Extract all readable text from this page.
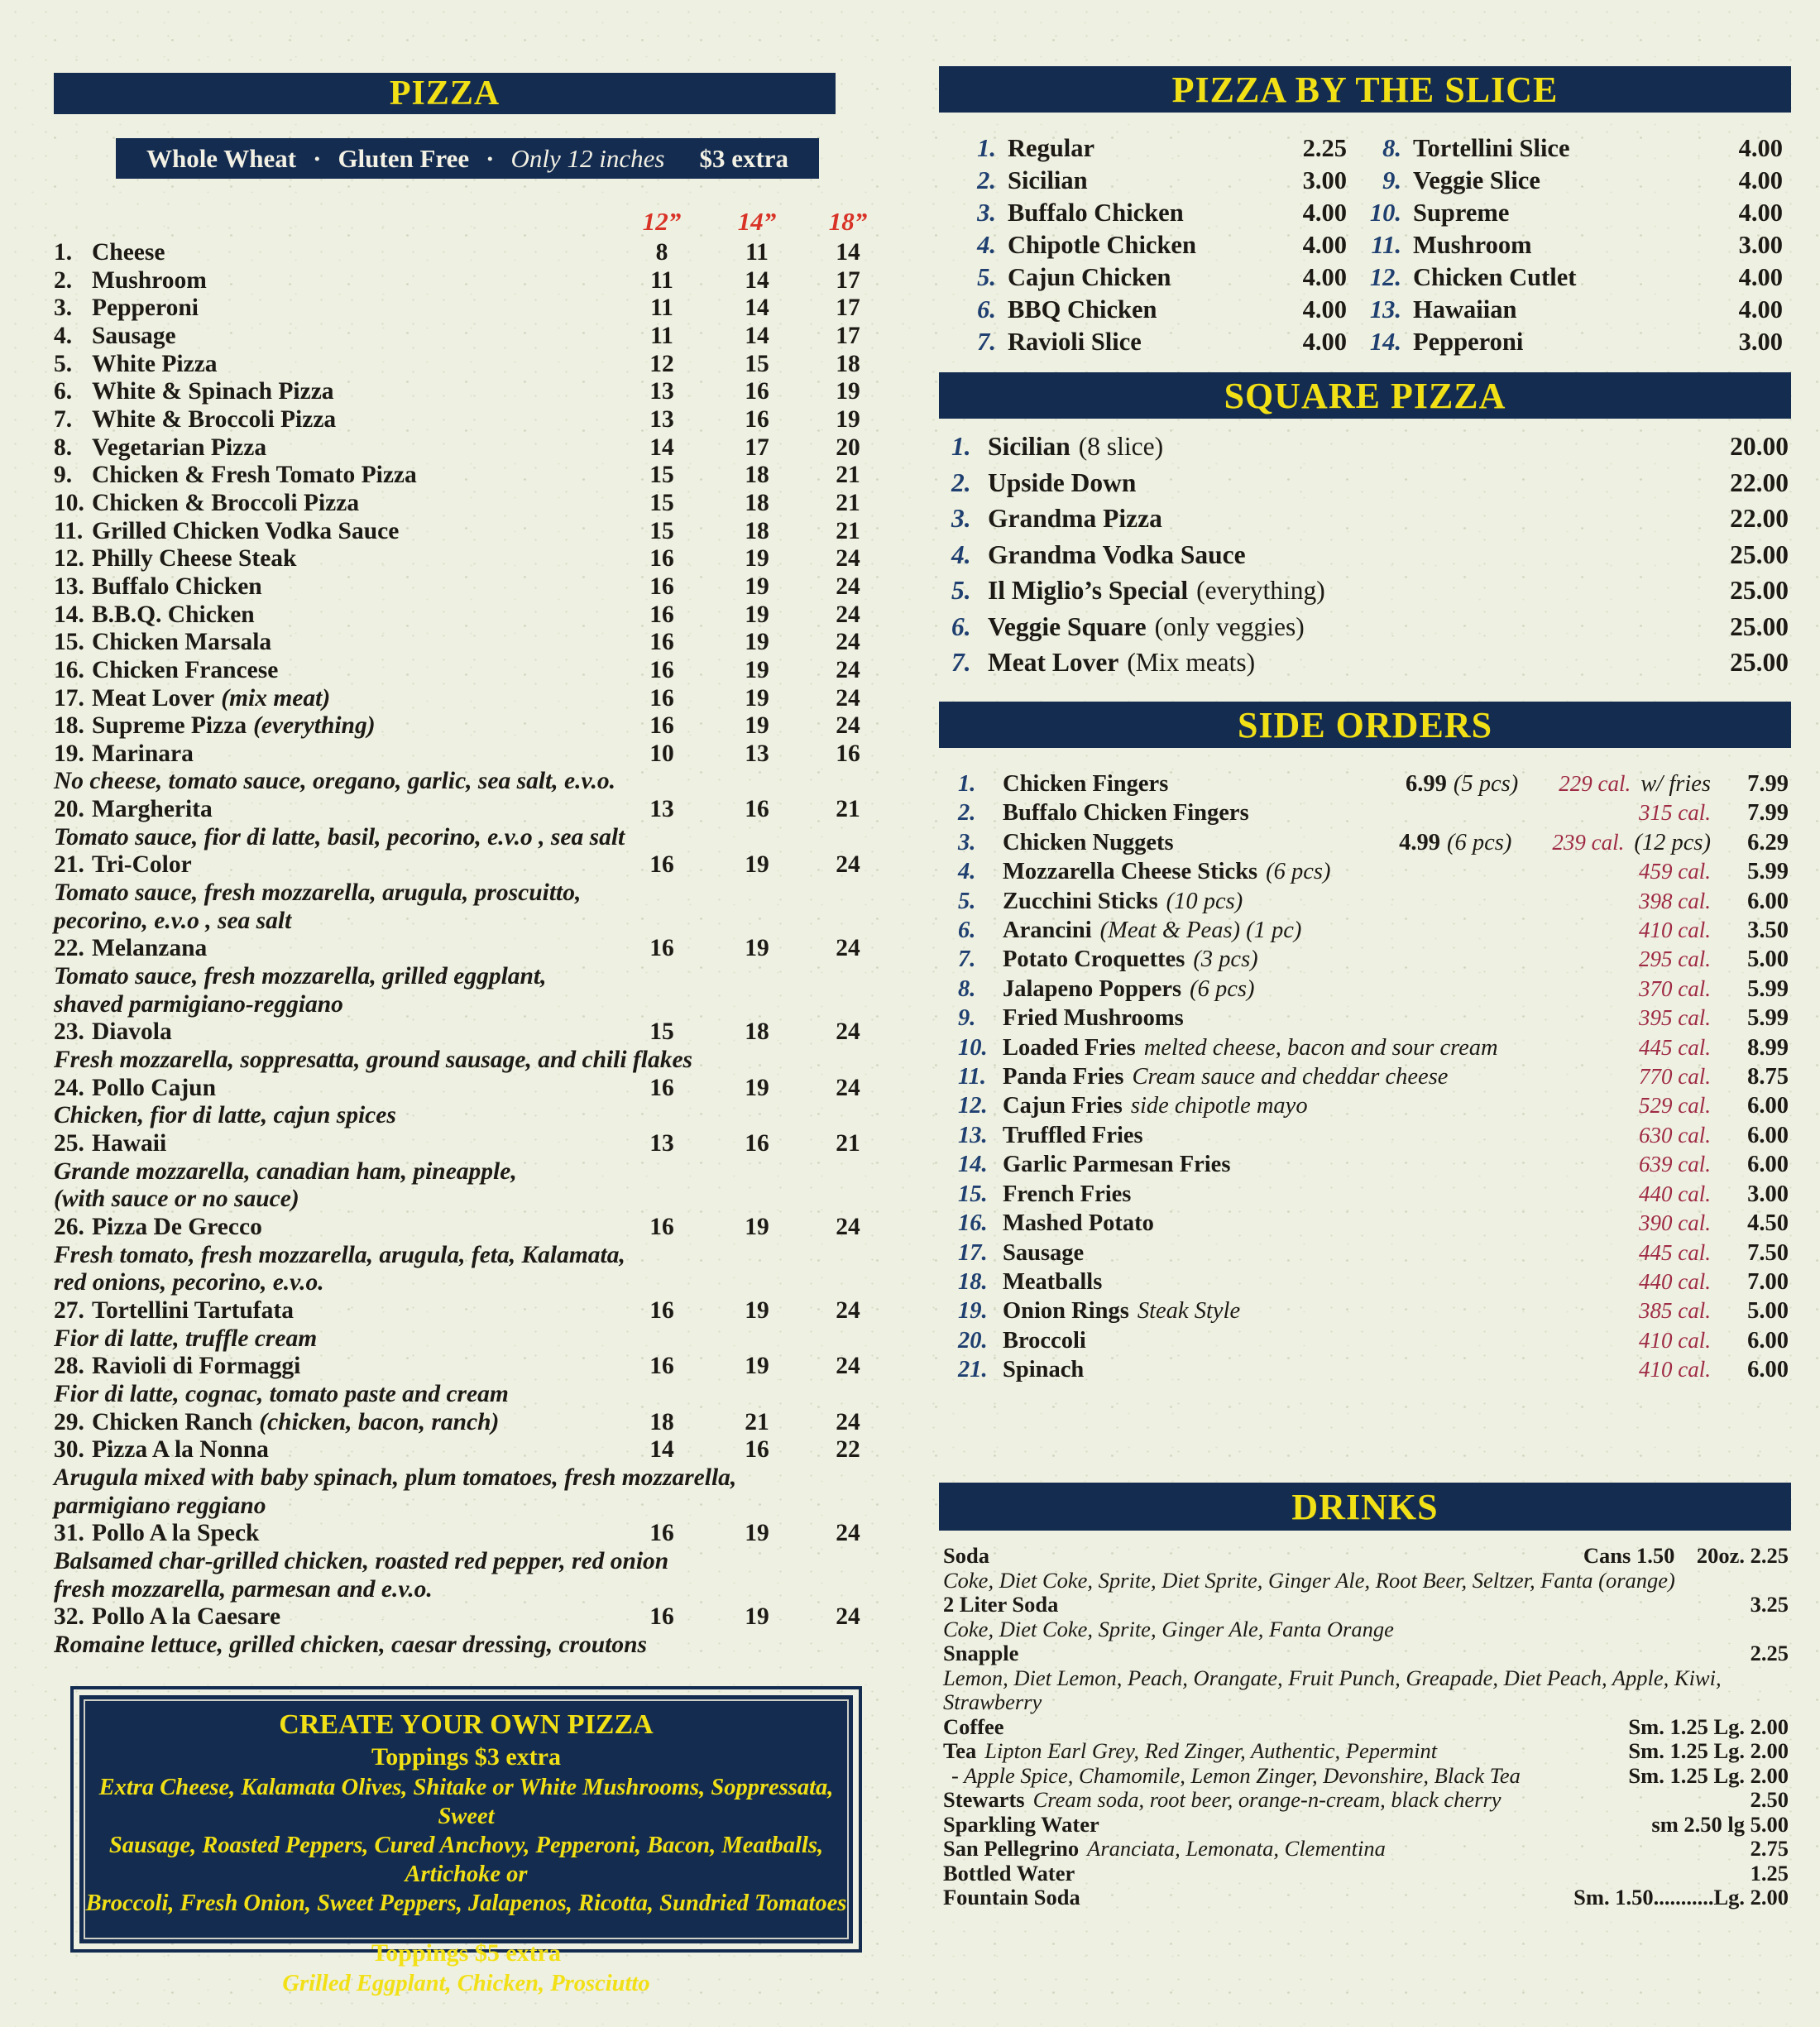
PIZZA
Whole Wheat · Gluten Free · Only 12 inches $3 extra
12”	14”	18”
1. Cheese	8	11	14
2. Mushroom	11	14	17
3. Pepperoni	11	14	17
4. Sausage	11	14	17
5. White Pizza	12	15	18
6. White & Spinach Pizza	13	16	19
7. White & Broccoli Pizza	13	16	19
8. Vegetarian Pizza	14	17	20
9. Chicken & Fresh Tomato Pizza	15	18	21
10. Chicken & Broccoli Pizza	15	18	21
11. Grilled Chicken Vodka Sauce	15	18	21
12. Philly Cheese Steak	16	19	24
13. Buffalo Chicken	16	19	24
14. B.B.Q. Chicken	16	19	24
15. Chicken Marsala	16	19	24
16. Chicken Francese	16	19	24
17. Meat Lover (mix meat)	16	19	24
18. Supreme Pizza (everything)	16	19	24
19. Marinara	10	13	16
No cheese, tomato sauce, oregano, garlic, sea salt, e.v.o.
20. Margherita	13	16	21
Tomato sauce, fior di latte, basil, pecorino, e.v.o , sea salt
21. Tri-Color	16	19	24
Tomato sauce, fresh mozzarella, arugula, proscuitto,
pecorino, e.v.o , sea salt
22. Melanzana	16	19	24
Tomato sauce, fresh mozzarella, grilled eggplant,
shaved parmigiano-reggiano
23. Diavola	15	18	24
Fresh mozzarella, soppresatta, ground sausage, and chili flakes
24. Pollo Cajun	16	19	24
Chicken, fior di latte, cajun spices
25. Hawaii	13	16	21
Grande mozzarella, canadian ham, pineapple,
(with sauce or no sauce)
26. Pizza De Grecco	16	19	24
Fresh tomato, fresh mozzarella, arugula, feta, Kalamata,
red onions, pecorino, e.v.o.
27. Tortellini Tartufata	16	19	24
Fior di latte, truffle cream
28. Ravioli di Formaggi	16	19	24
Fior di latte, cognac, tomato paste and cream
29. Chicken Ranch (chicken, bacon, ranch)	18	21	24
30. Pizza A la Nonna	14	16	22
Arugula mixed with baby spinach, plum tomatoes, fresh mozzarella,
parmigiano reggiano
31. Pollo A la Speck	16	19	24
Balsamed char-grilled chicken, roasted red pepper, red onion
fresh mozzarella, parmesan and e.v.o.
32. Pollo A la Caesare	16	19	24
Romaine lettuce, grilled chicken, caesar dressing, croutons
CREATE YOUR OWN PIZZA
Toppings $3 extra
Extra Cheese, Kalamata Olives, Shitake or White Mushrooms, Soppressata, Sweet
Sausage, Roasted Peppers, Cured Anchovy, Pepperoni, Bacon, Meatballs, Artichoke or
Broccoli, Fresh Onion, Sweet Peppers, Jalapenos, Ricotta, Sundried Tomatoes
Toppings $5 extra
Grilled Eggplant, Chicken, Prosciutto
PIZZA BY THE SLICE
1. Regular	2.25
2. Sicilian	3.00
3. Buffalo Chicken	4.00
4. Chipotle Chicken	4.00
5. Cajun Chicken	4.00
6. BBQ Chicken	4.00
7. Ravioli Slice	4.00
8. Tortellini Slice	4.00
9. Veggie Slice	4.00
10. Supreme	4.00
11. Mushroom	3.00
12. Chicken Cutlet	4.00
13. Hawaiian	4.00
14. Pepperoni	3.00
SQUARE PIZZA
1. Sicilian (8 slice)	20.00
2. Upside Down	22.00
3. Grandma Pizza	22.00
4. Grandma Vodka Sauce	25.00
5. Il Miglio’s Special (everything)	25.00
6. Veggie Square (only veggies)	25.00
7. Meat Lover (Mix meats)	25.00
SIDE ORDERS
1.	Chicken Fingers	6.99 (5 pcs)	229 cal. w/ fries	7.99
2.	Buffalo Chicken Fingers	315 cal.	7.99
3.	Chicken Nuggets	4.99 (6 pcs)	239 cal. (12 pcs)	6.29
4.	Mozzarella Cheese Sticks (6 pcs)	459 cal.	5.99
5.	Zucchini Sticks (10 pcs)	398 cal.	6.00
6.	Arancini (Meat & Peas) (1 pc)	410 cal.	3.50
7.	Potato Croquettes (3 pcs)	295 cal.	5.00
8.	Jalapeno Poppers (6 pcs)	370 cal.	5.99
9.	Fried Mushrooms	395 cal.	5.99
10. Loaded Fries melted cheese, bacon and sour cream	445 cal.	8.99
11. Panda Fries Cream sauce and cheddar cheese	770 cal.	8.75
12. Cajun Fries side chipotle mayo	529 cal.	6.00
13. Truffled Fries	630 cal.	6.00
14. Garlic Parmesan Fries	639 cal.	6.00
15. French Fries	440 cal.	3.00
16. Mashed Potato	390 cal.	4.50
17. Sausage	445 cal.	7.50
18. Meatballs	440 cal.	7.00
19. Onion Rings Steak Style	385 cal.	5.00
20. Broccoli	410 cal.	6.00
21. Spinach	410 cal.	6.00
DRINKS
Soda	Cans 1.50    20oz. 2.25
Coke, Diet Coke, Sprite, Diet Sprite, Ginger Ale, Root Beer, Seltzer, Fanta (orange)
2 Liter Soda	3.25
Coke, Diet Coke, Sprite, Ginger Ale, Fanta Orange
Snapple	2.25
Lemon, Diet Lemon, Peach, Orangate, Fruit Punch, Greapade, Diet Peach, Apple, Kiwi, Strawberry
Coffee	Sm. 1.25 Lg. 2.00
Tea Lipton Earl Grey, Red Zinger, Authentic, Pepermint	Sm. 1.25 Lg. 2.00
- Apple Spice, Chamomile, Lemon Zinger, Devonshire, Black Tea	Sm. 1.25 Lg. 2.00
Stewarts Cream soda, root beer, orange-n-cream, black cherry	2.50
Sparkling Water	sm 2.50 lg 5.00
San Pellegrino Aranciata, Lemonata, Clementina	2.75
Bottled Water	1.25
Fountain Soda	Sm. 1.50...........Lg. 2.00
